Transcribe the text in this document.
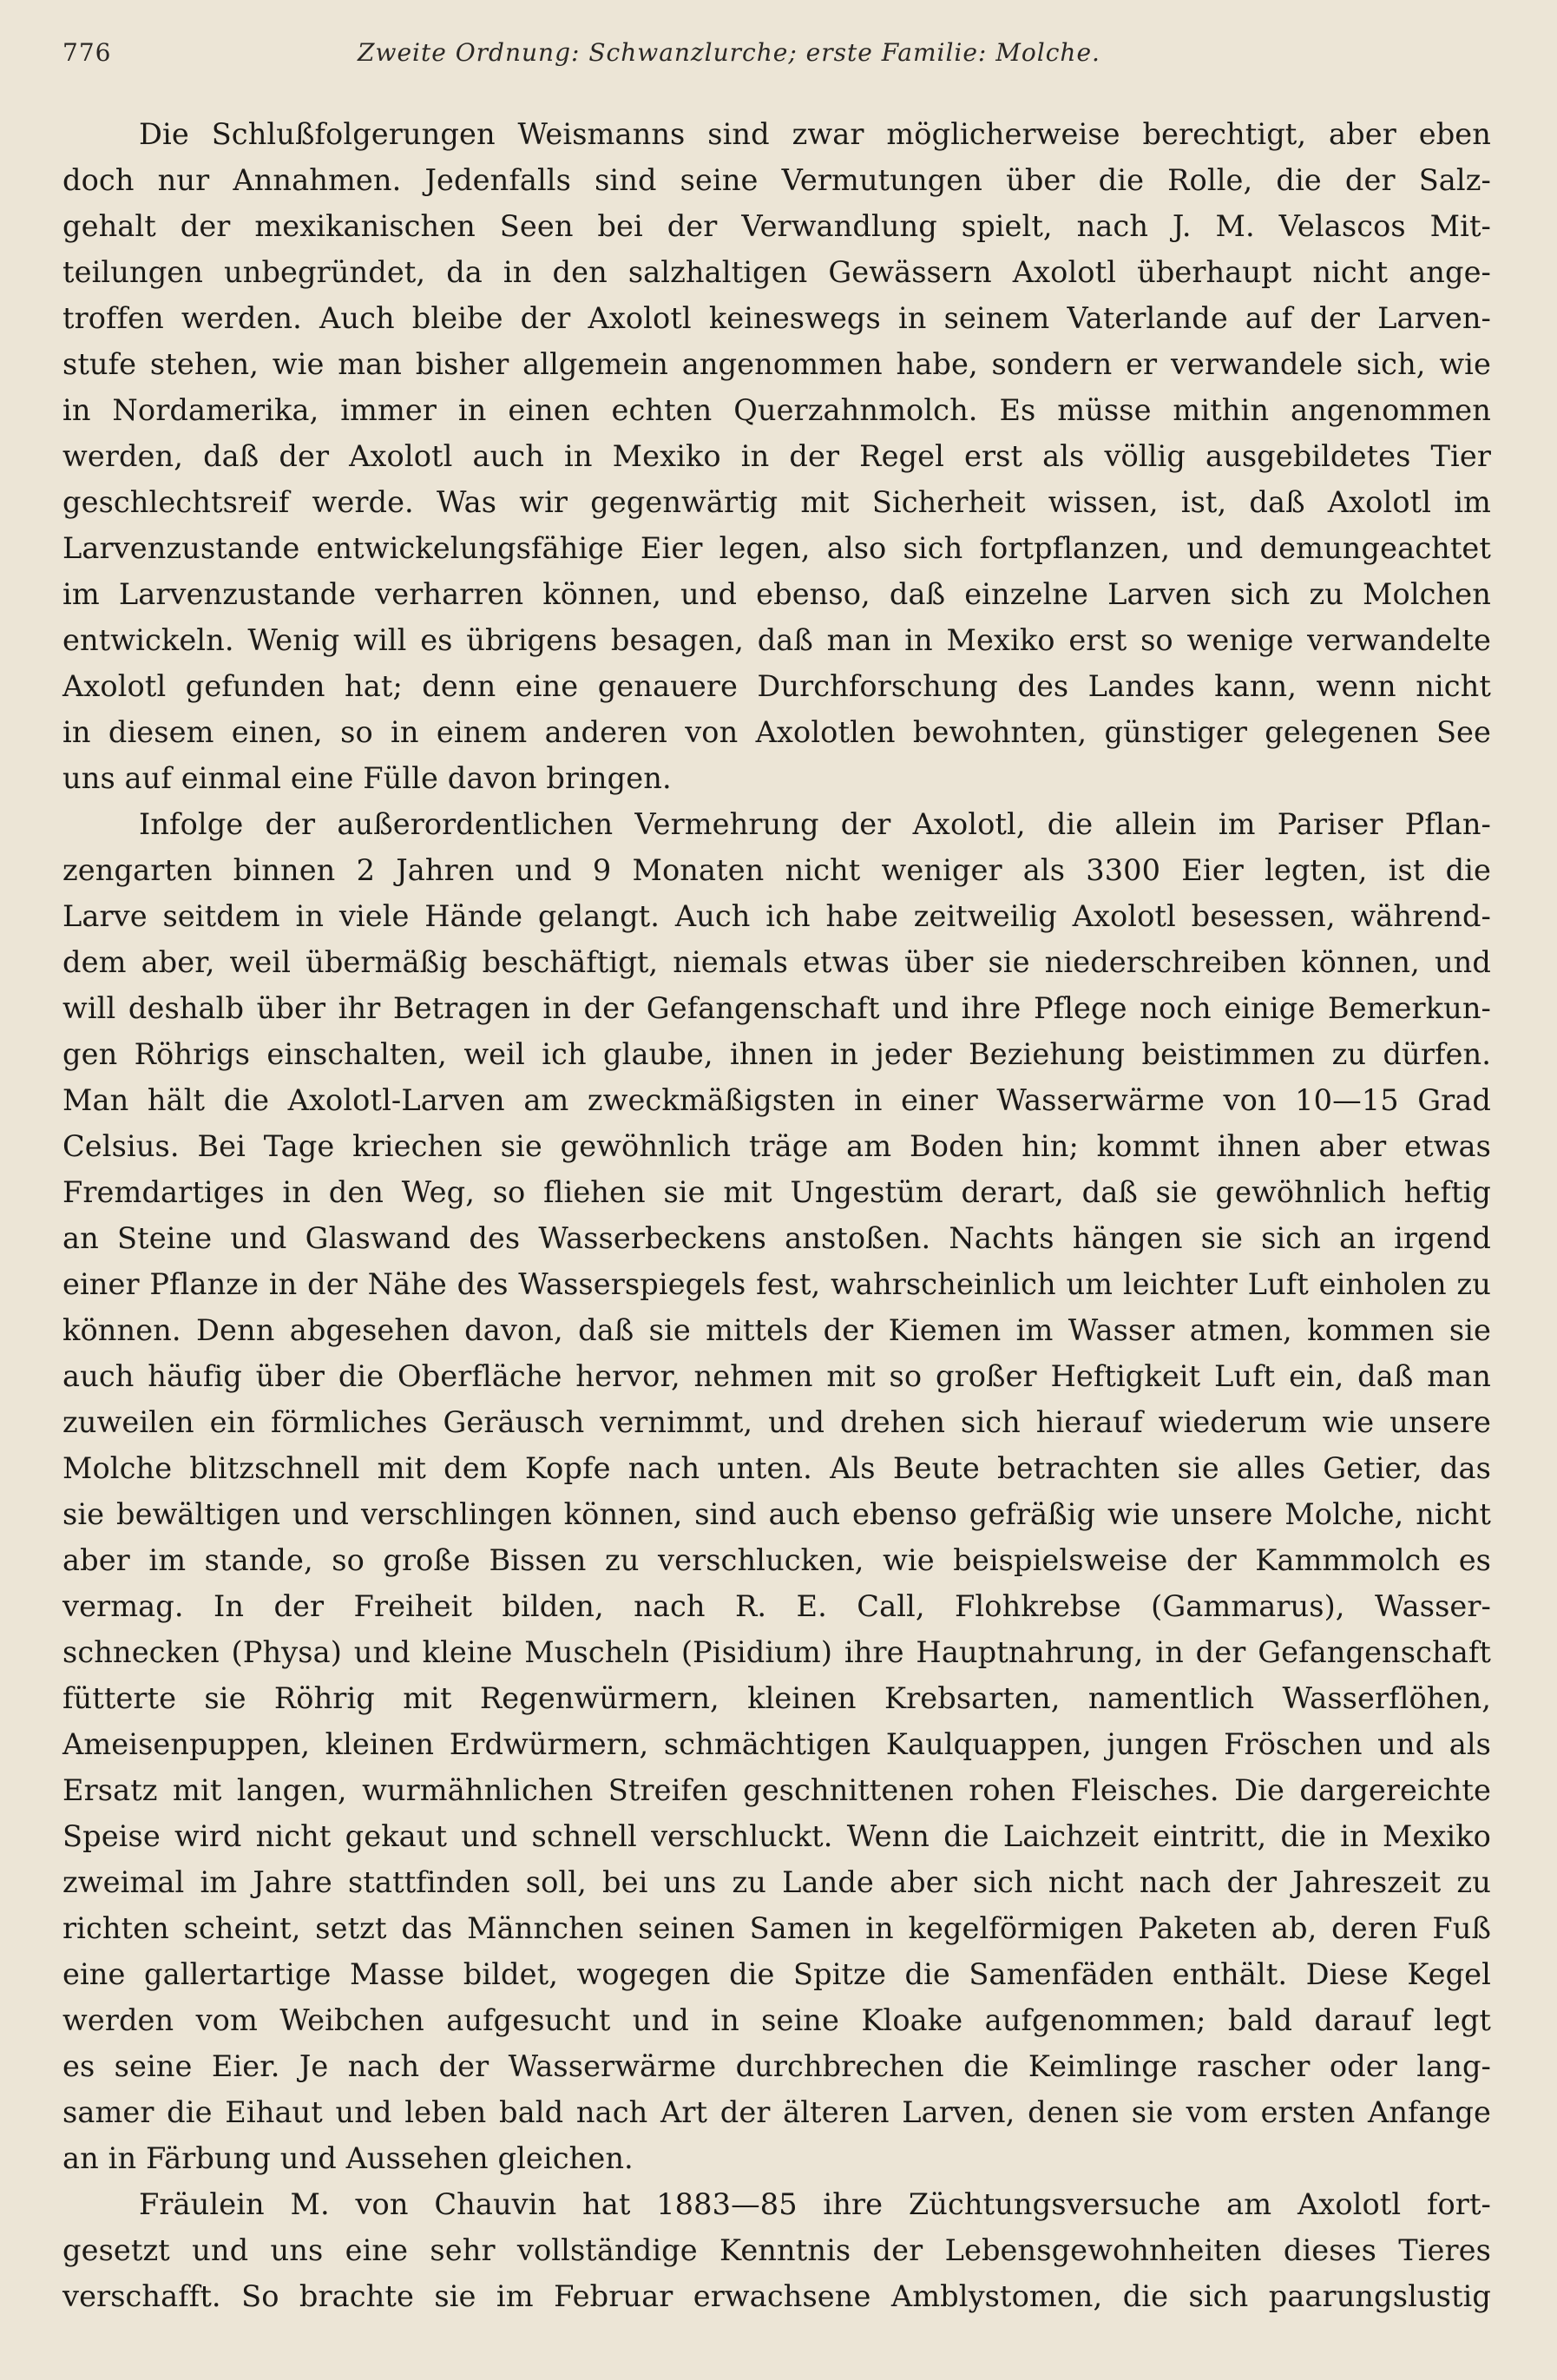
776	Zweite Ordnung: Schwanzlurche; erste Familie: Molche.
Die Schlußfolgerungen Weismanns sind zwar möglicherweise berechtigt, aber eben
doch nur Annahmen. Jedenfalls sind seine Vermutungen über die Rolle, die der Salz-
gehalt der mexikanischen Seen bei der Verwandlung spielt, nach J. M. Velascos Mit-
teilungen unbegründet, da in den salzhaltigen Gewässern Axolotl überhaupt nicht ange-
troffen werden. Auch bleibe der Axolotl keineswegs in seinem Vaterlande auf der Larven-
stufe stehen, wie man bisher allgemein angenommen habe, sondern er verwandele sich, wie
in Nordamerika, immer in einen echten Querzahnmolch. Es müsse mithin angenommen
werden, daß der Axolotl auch in Mexiko in der Regel erst als völlig ausgebildetes Tier
geschlechtsreif werde. Was wir gegenwärtig mit Sicherheit wissen, ist, daß Axolotl im
Larvenzustande entwickelungsfähige Eier legen, also sich fortpflanzen, und demungeachtet
im Larvenzustande verharren können, und ebenso, daß einzelne Larven sich zu Molchen
entwickeln. Wenig will es übrigens besagen, daß man in Mexiko erst so wenige verwandelte
Axolotl gefunden hat; denn eine genauere Durchforschung des Landes kann, wenn nicht
in diesem einen, so in einem anderen von Axolotlen bewohnten, günstiger gelegenen See
uns auf einmal eine Fülle davon bringen.
Infolge der außerordentlichen Vermehrung der Axolotl, die allein im Pariser Pflan-
zengarten binnen 2 Jahren und 9 Monaten nicht weniger als 3300 Eier legten, ist die
Larve seitdem in viele Hände gelangt. Auch ich habe zeitweilig Axolotl besessen, während-
dem aber, weil übermäßig beschäftigt, niemals etwas über sie niederschreiben können, und
will deshalb über ihr Betragen in der Gefangenschaft und ihre Pflege noch einige Bemerkun-
gen Röhrigs einschalten, weil ich glaube, ihnen in jeder Beziehung beistimmen zu dürfen.
Man hält die Axolotl-Larven am zweckmäßigsten in einer Wasserwärme von 10—15 Grad
Celsius. Bei Tage kriechen sie gewöhnlich träge am Boden hin; kommt ihnen aber etwas
Fremdartiges in den Weg, so fliehen sie mit Ungestüm derart, daß sie gewöhnlich heftig
an Steine und Glaswand des Wasserbeckens anstoßen. Nachts hängen sie sich an irgend
einer Pflanze in der Nähe des Wasserspiegels fest, wahrscheinlich um leichter Luft einholen zu
können. Denn abgesehen davon, daß sie mittels der Kiemen im Wasser atmen, kommen sie
auch häufig über die Oberfläche hervor, nehmen mit so großer Heftigkeit Luft ein, daß man
zuweilen ein förmliches Geräusch vernimmt, und drehen sich hierauf wiederum wie unsere
Molche blitzschnell mit dem Kopfe nach unten. Als Beute betrachten sie alles Getier, das
sie bewältigen und verschlingen können, sind auch ebenso gefräßig wie unsere Molche, nicht
aber im stande, so große Bissen zu verschlucken, wie beispielsweise der Kammmolch es
vermag. In der Freiheit bilden, nach R. E. Call, Flohkrebse (Gammarus), Wasser-
schnecken (Physa) und kleine Muscheln (Pisidium) ihre Hauptnahrung, in der Gefangenschaft
fütterte sie Röhrig mit Regenwürmern, kleinen Krebsarten, namentlich Wasserflöhen,
Ameisenpuppen, kleinen Erdwürmern, schmächtigen Kaulquappen, jungen Fröschen und als
Ersatz mit langen, wurmähnlichen Streifen geschnittenen rohen Fleisches. Die dargereichte
Speise wird nicht gekaut und schnell verschluckt. Wenn die Laichzeit eintritt, die in Mexiko
zweimal im Jahre stattfinden soll, bei uns zu Lande aber sich nicht nach der Jahreszeit zu
richten scheint, setzt das Männchen seinen Samen in kegelförmigen Paketen ab, deren Fuß
eine gallertartige Masse bildet, wogegen die Spitze die Samenfäden enthält. Diese Kegel
werden vom Weibchen aufgesucht und in seine Kloake aufgenommen; bald darauf legt
es seine Eier. Je nach der Wasserwärme durchbrechen die Keimlinge rascher oder lang-
samer die Eihaut und leben bald nach Art der älteren Larven, denen sie vom ersten Anfange
an in Färbung und Aussehen gleichen.
Fräulein M. von Chauvin hat 1883—85 ihre Züchtungsversuche am Axolotl fort-
gesetzt und uns eine sehr vollständige Kenntnis der Lebensgewohnheiten dieses Tieres
verschafft. So brachte sie im Februar erwachsene Amblystomen, die sich paarungslustig
